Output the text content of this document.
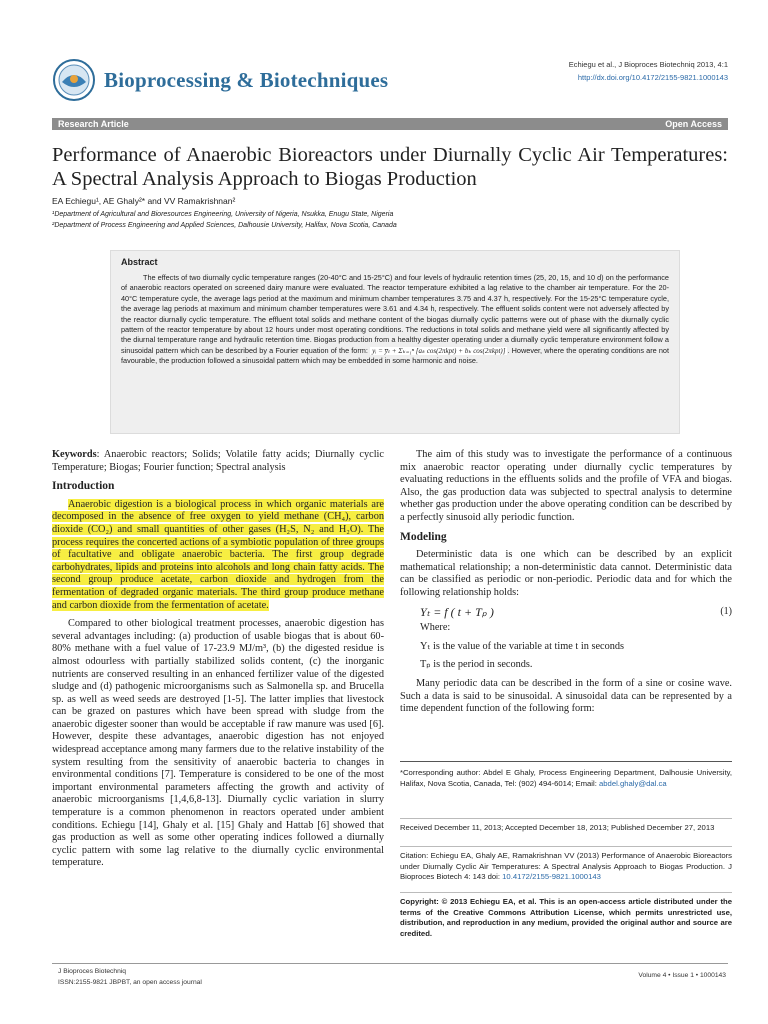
Bioprocessing & Biotechniques
Echiegu et al., J Bioproces Biotechniq 2013, 4:1
http://dx.doi.org/10.4172/2155-9821.1000143
Research Article	Open Access
Performance of Anaerobic Bioreactors under Diurnally Cyclic Air Temperatures: A Spectral Analysis Approach to Biogas Production
EA Echiegu¹, AE Ghaly²* and VV Ramakrishnan²
¹Department of Agricultural and Bioresources Engineering, University of Nigeria, Nsukka, Enugu State, Nigeria
²Department of Process Engineering and Applied Sciences, Dalhousie University, Halifax, Nova Scotia, Canada
Abstract
The effects of two diurnally cyclic temperature ranges (20-40°C and 15-25°C) and four levels of hydraulic retention times (25, 20, 15, and 10 d) on the performance of anaerobic reactors operated on screened dairy manure were evaluated. The reactor temperature exhibited a lag relative to the chamber air temperature. For the 20-40°C temperature cycle, the average lags period at the maximum and minimum chamber temperatures 3.75 and 4.37 h, respectively. For the 15-25°C temperature cycle, the average lag periods at maximum and minimum chamber temperatures were 3.61 and 4.34 h, respectively. The effluent solids content were not adversely affected by the reactor diurnally cyclic temperature. The effluent total solids and methane content of the biogas diurnally cyclic patterns were out of phase with the diurnally cyclic pattern of the reactor temperature by about 12 hours under most operating conditions. The reductions in total solids and methane yield were all significantly affected by the diurnal temperature range and hydraulic retention time. Biogas production from a healthy digester operating under a diurnally cyclic temperature environment follow a sinusoidal pattern which can be described by a Fourier equation of the form: yᵢ = y̅ₜ + Σₖ₌₁ⁿ [aₖ cos(2πkpt) + bₖ cos(2πkpt)] . However, where the operating conditions are not favourable, the production followed a sinusoidal pattern which may be embedded in some harmonic and noise.

Keywords: Anaerobic reactors; Solids; Volatile fatty acids; Diurnally cyclic Temperature; Biogas; Fourier function; Spectral analysis

Introduction

Anaerobic digestion is a biological process in which organic materials are decomposed in the absence of free oxygen to yield methane (CH₄), carbon dioxide (CO₂) and small quantities of other gases (H₂S, N₂ and H₂O). The process requires the concerted actions of a symbiotic population of three groups of facultative and obligate anaerobic bacteria. The first group degrade carbohydrates, lipids and proteins into alcohols and long chain fatty acids. The second group produce acetate, carbon dioxide and hydrogen from the fermentation of degraded organic materials. The third group produce methane and carbon dioxide from the fermentation of acetate.

Compared to other biological treatment processes, anaerobic digestion has several advantages including: (a) production of usable biogas that is about 60-80% methane with a fuel value of 17-23.9 MJ/m³, (b) the digested residue is almost odourless with partially stabilized solids content, (c) the inorganic nutrients are conserved resulting in an enhanced fertilizer value of the digested sludge and (d) pathogenic microorganisms such as Salmonella sp. and Brucella sp. as well as weed seeds are destroyed [1-5]. The latter implies that livestock can be grazed on pastures which have been spread with sludge from the anaerobic digester sooner than would be acceptable if raw manure was used [6]. However, despite these advantages, anaerobic digestion has not enjoyed widespread acceptance among many farmers due to the relative instability of the system resulting from the sensitivity of anaerobic bacteria to changes in environmental conditions [7]. Temperature is considered to be one of the most important environmental parameters affecting the growth and activity of anaerobic microorganisms [1,4,6,8-13]. Diurnally cyclic variation in slurry temperature is a common phenomenon in reactors operated under ambient conditions. Echiegu [14], Ghaly et al. [15] Ghaly and Hattab [6] showed that gas production as well as some other operating indices followed a diurnally cyclic pattern with some lag relative to the diurnally cyclic environmental temperature.

The aim of this study was to investigate the performance of a continuous mix anaerobic reactor operating under diurnally cyclic temperatures by evaluating reductions in the effluents solids and the profile of VFA and biogas. Also, the gas production data was subjected to spectral analysis to determine whether gas production under the above operating condition can be described by a perfectly sinusoid ally periodic function.

Modeling

Deterministic data is one which can be described by an explicit mathematical relationship; a non-deterministic data cannot. Deterministic data can be classified as periodic or non-periodic. Periodic data and for which the following relationship holds:

Yₜ = f ( t + Tₚ )	(1)
Where:
Yₜ is the value of the variable at time t in seconds
Tₚ is the period in seconds.

Many periodic data can be described in the form of a sine or cosine wave. Such a data is said to be sinusoidal. A sinusoidal data can be represented by a time dependent function of the following form:

*Corresponding author: Abdel E Ghaly, Process Engineering Department, Dalhousie University, Halifax, Nova Scotia, Canada, Tel: (902) 494-6014; Email: abdel.ghaly@dal.ca
Received December 11, 2013; Accepted December 18, 2013; Published December 27, 2013
Citation: Echiegu EA, Ghaly AE, Ramakrishnan VV (2013) Performance of Anaerobic Bioreactors under Diurnally Cyclic Air Temperatures: A Spectral Analysis Approach to Biogas Production. J Bioproces Biotech 4: 143 doi: 10.4172/2155-9821.1000143
Copyright: © 2013 Echiegu EA, et al. This is an open-access article distributed under the terms of the Creative Commons Attribution License, which permits unrestricted use, distribution, and reproduction in any medium, provided the original author and source are credited.
J Bioproces Biotechniq
ISSN:2155-9821 JBPBT, an open access journal
Volume 4 • Issue 1 • 1000143
